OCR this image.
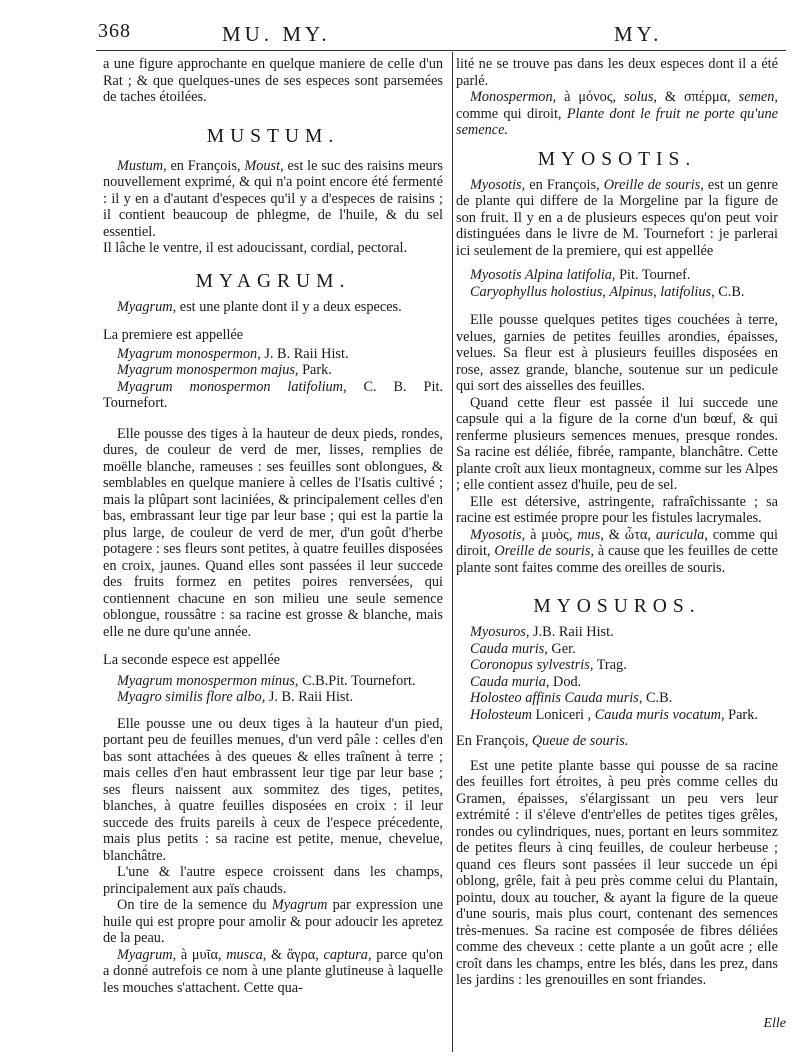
368	MU. MY.	MY.

a une figure approchante en quelque maniere de celle d'un Rat ; & que quelques-unes de ses especes sont parsemées de taches étoilées.

MUSTUM.

Mustum, en François, Moust, est le suc des raisins meurs nouvellement exprimé, & qui n'a point encore été fermenté : il y en a d'autant d'especes qu'il y a d'especes de raisins ; il contient beaucoup de phlegme, de l'huile, & du sel essentiel.

Il lâche le ventre, il est adoucissant, cordial, pectoral.

MYAGRUM.

Myagrum, est une plante dont il y a deux especes.

La premiere est appellée

Myagrum monospermon, J. B. Raii Hist.

Myagrum monospermon majus, Park.

Myagrum monospermon latifolium, C. B. Pit. Tournefort.

Elle pousse des tiges à la hauteur de deux pieds, rondes, dures, de couleur de verd de mer, lisses, remplies de moëlle blanche, rameuses : ses feuilles sont oblongues, & semblables en quelque maniere à celles de l'Isatis cultivé ; mais la plûpart sont laciniées, & principalement celles d'en bas, embrassant leur tige par leur base ; qui est la partie la plus large, de couleur de verd de mer, d'un goût d'herbe potagere : ses fleurs sont petites, à quatre feuilles disposées en croix, jaunes. Quand elles sont passées il leur succede des fruits formez en petites poires renversées, qui contiennent chacune en son milieu une seule semence oblongue, roussâtre : sa racine est grosse & blanche, mais elle ne dure qu'une année.

La seconde espece est appellée

Myagrum monospermon minus, C.B.Pit. Tournefort.

Myagro similis flore albo, J. B. Raii Hist.

Elle pousse une ou deux tiges à la hauteur d'un pied, portant peu de feuilles menues, d'un verd pâle : celles d'en bas sont attachées à des queues & elles traînent à terre ; mais celles d'en haut embrassent leur tige par leur base ; ses fleurs naissent aux sommitez des tiges, petites, blanches, à quatre feuilles disposées en croix : il leur succede des fruits pareils à ceux de l'espece précedente, mais plus petits : sa racine est petite, menue, chevelue, blanchâtre.

L'une & l'autre espece croissent dans les champs, principalement aux païs chauds.

On tire de la semence du Myagrum par expression une huile qui est propre pour amolir & pour adoucir les apretez de la peau.

Myagrum, à μυῖα, musca, & ἄγρα, captura, parce qu'on a donné autrefois ce nom à une plante glutineuse à laquelle les mouches s'attachent. Cette qua-

lité ne se trouve pas dans les deux especes dont il a été parlé.

Monospermon, à μόνος, solus, & σπέρμα, semen, comme qui diroit, Plante dont le fruit ne porte qu'une semence.

MYOSOTIS.

Myosotis, en François, Oreille de souris, est un genre de plante qui differe de la Morgeline par la figure de son fruit. Il y en a de plusieurs especes qu'on peut voir distinguées dans le livre de M. Tournefort : je parlerai ici seulement de la premiere, qui est appellée

Myosotis Alpina latifolia, Pit. Tournef.

Caryophyllus holostius, Alpinus, latifolius, C.B.

Elle pousse quelques petites tiges couchées à terre, velues, garnies de petites feuilles arondies, épaisses, velues. Sa fleur est à plusieurs feuilles disposées en rose, assez grande, blanche, soutenue sur un pedicule qui sort des aisselles des feuilles.

Quand cette fleur est passée il lui succede une capsule qui a la figure de la corne d'un bœuf, & qui renferme plusieurs semences menues, presque rondes. Sa racine est déliée, fibrée, rampante, blanchâtre. Cette plante croît aux lieux montagneux, comme sur les Alpes ; elle contient assez d'huile, peu de sel.

Elle est détersive, astringente, rafraîchissante ; sa racine est estimée propre pour les fistules lacrymales.

Myosotis, à μυὸς, mus, & ὦτα, auricula, comme qui diroit, Oreille de souris, à cause que les feuilles de cette plante sont faites comme des oreilles de souris.

MYOSUROS.

Myosuros, J.B. Raii Hist.

Cauda muris, Ger.

Coronopus sylvestris, Trag.

Cauda muria, Dod.

Holosteo affinis Cauda muris, C.B.

Holosteum Loniceri , Cauda muris vocatum, Park.

En François, Queue de souris.

Est une petite plante basse qui pousse de sa racine des feuilles fort étroites, à peu près comme celles du Gramen, épaisses, s'élargissant un peu vers leur extrémité : il s'éleve d'entr'elles de petites tiges grêles, rondes ou cylindriques, nues, portant en leurs sommitez de petites fleurs à cinq feuilles, de couleur herbeuse ; quand ces fleurs sont passées il leur succede un épi oblong, grêle, fait à peu près comme celui du Plantain, pointu, doux au toucher, & ayant la figure de la queue d'une souris, mais plus court, contenant des semences très-menues. Sa racine est composée de fibres déliées comme des cheveux : cette plante a un goût acre ; elle croît dans les champs, entre les blés, dans les prez, dans les jardins : les grenouilles en sont friandes.

Elle
